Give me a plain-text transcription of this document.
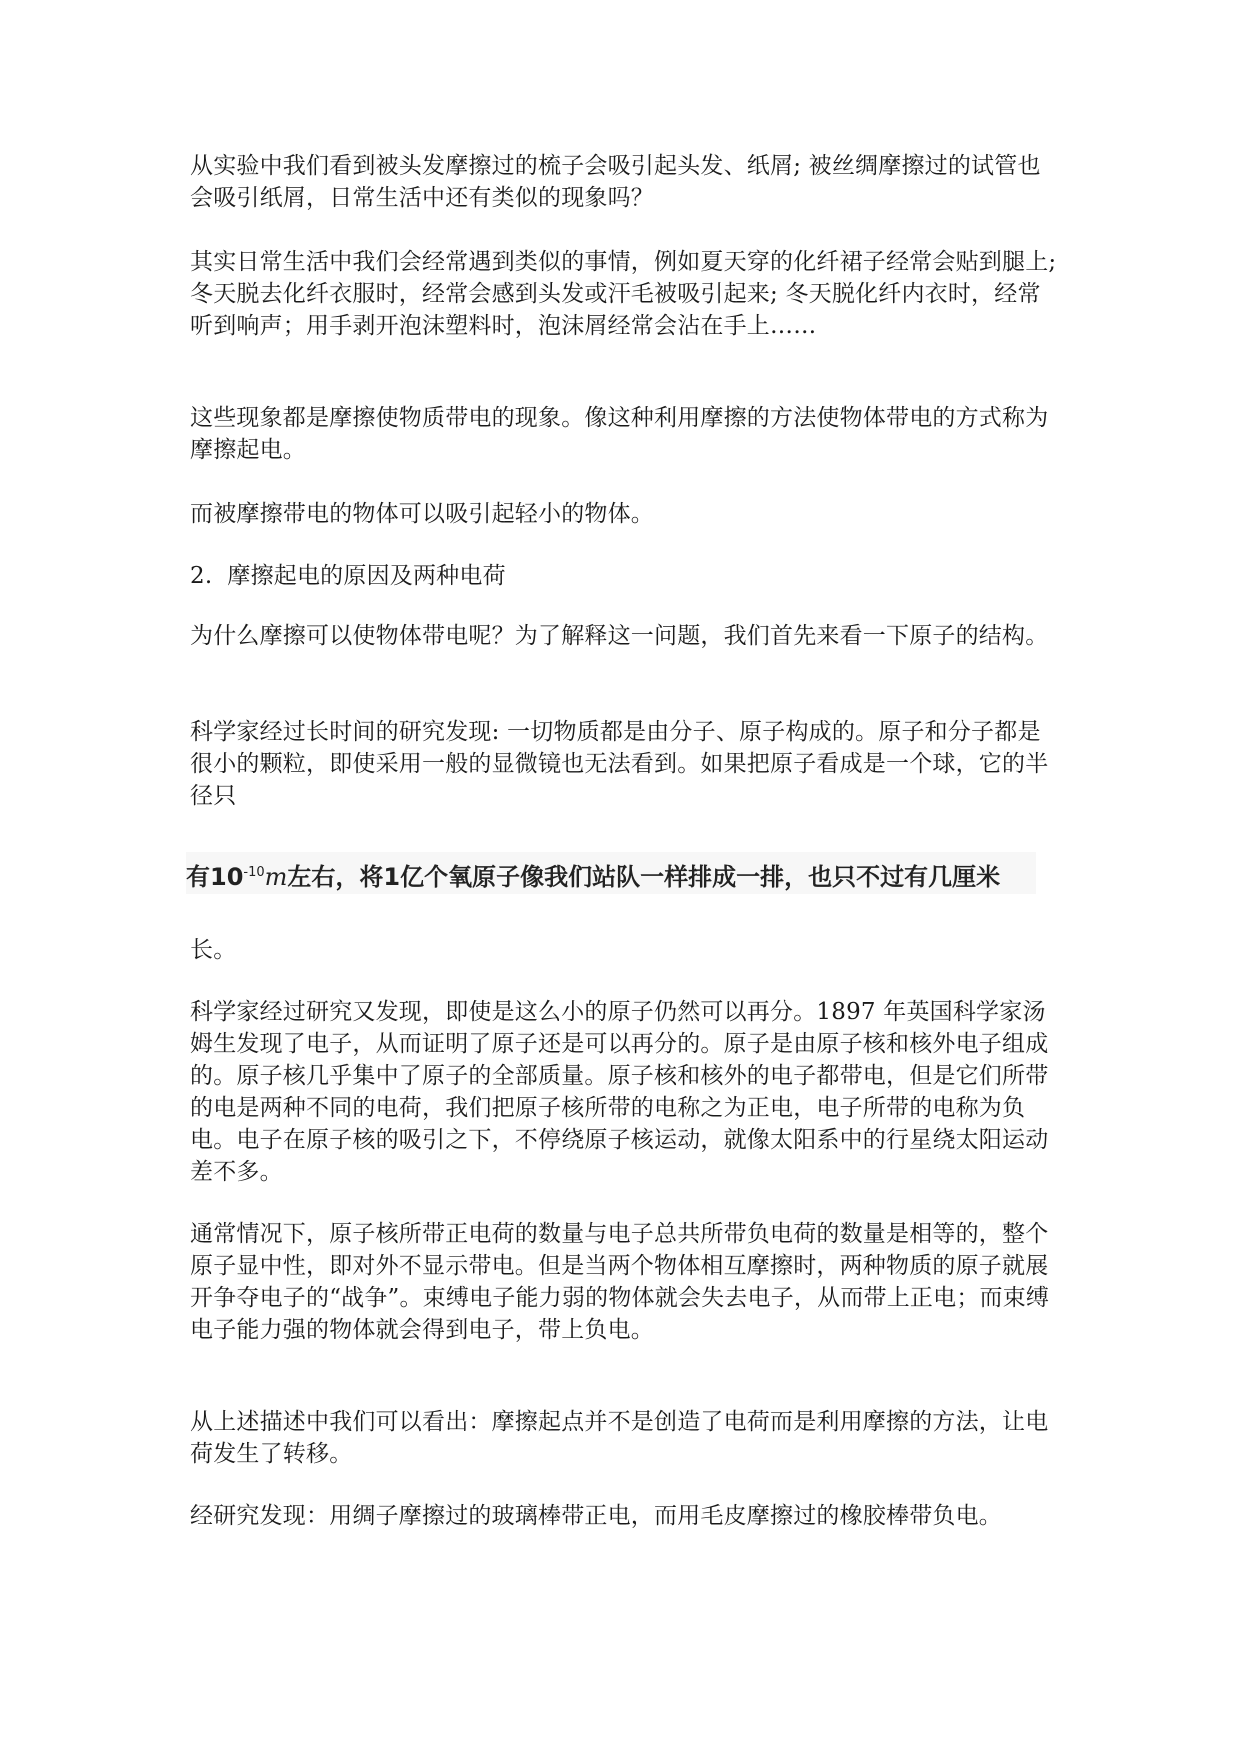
从实验中我们看到被头发摩擦过的梳子会吸引起头发、纸屑; 被丝绸摩擦过的试管也会吸引纸屑，日常生活中还有类似的现象吗？

其实日常生活中我们会经常遇到类似的事情，例如夏天穿的化纤裙子经常会贴到腿上; 冬天脱去化纤衣服时，经常会感到头发或汗毛被吸引起来; 冬天脱化纤内衣时，经常听到响声；用手剥开泡沫塑料时，泡沫屑经常会沾在手上……

这些现象都是摩擦使物质带电的现象。像这种利用摩擦的方法使物体带电的方式称为摩擦起电。

而被摩擦带电的物体可以吸引起轻小的物体。

2.  摩擦起电的原因及两种电荷

为什么摩擦可以使物体带电呢？为了解释这一问题，我们首先来看一下原子的结构。

科学家经过长时间的研究发现: 一切物质都是由分子、原子构成的。原子和分子都是很小的颗粒，即使采用一般的显微镜也无法看到。如果把原子看成是一个球，它的半径只

有$10^{-10}m$左右，将1亿个氧原子像我们站队一样排成一排，也只不过有几厘米

长。

科学家经过研究又发现，即使是这么小的原子仍然可以再分。1897 年英国科学家汤姆生发现了电子，从而证明了原子还是可以再分的。原子是由原子核和核外电子组成的。原子核几乎集中了原子的全部质量。原子核和核外的电子都带电，但是它们所带的电是两种不同的电荷，我们把原子核所带的电称之为正电，电子所带的电称为负电。电子在原子核的吸引之下，不停绕原子核运动，就像太阳系中的行星绕太阳运动差不多。

通常情况下，原子核所带正电荷的数量与电子总共所带负电荷的数量是相等的，整个原子显中性，即对外不显示带电。但是当两个物体相互摩擦时，两种物质的原子就展开争夺电子的“战争”。束缚电子能力弱的物体就会失去电子，从而带上正电；而束缚电子能力强的物体就会得到电子，带上负电。

从上述描述中我们可以看出：摩擦起点并不是创造了电荷而是利用摩擦的方法，让电荷发生了转移。

经研究发现：用绸子摩擦过的玻璃棒带正电，而用毛皮摩擦过的橡胶棒带负电。
